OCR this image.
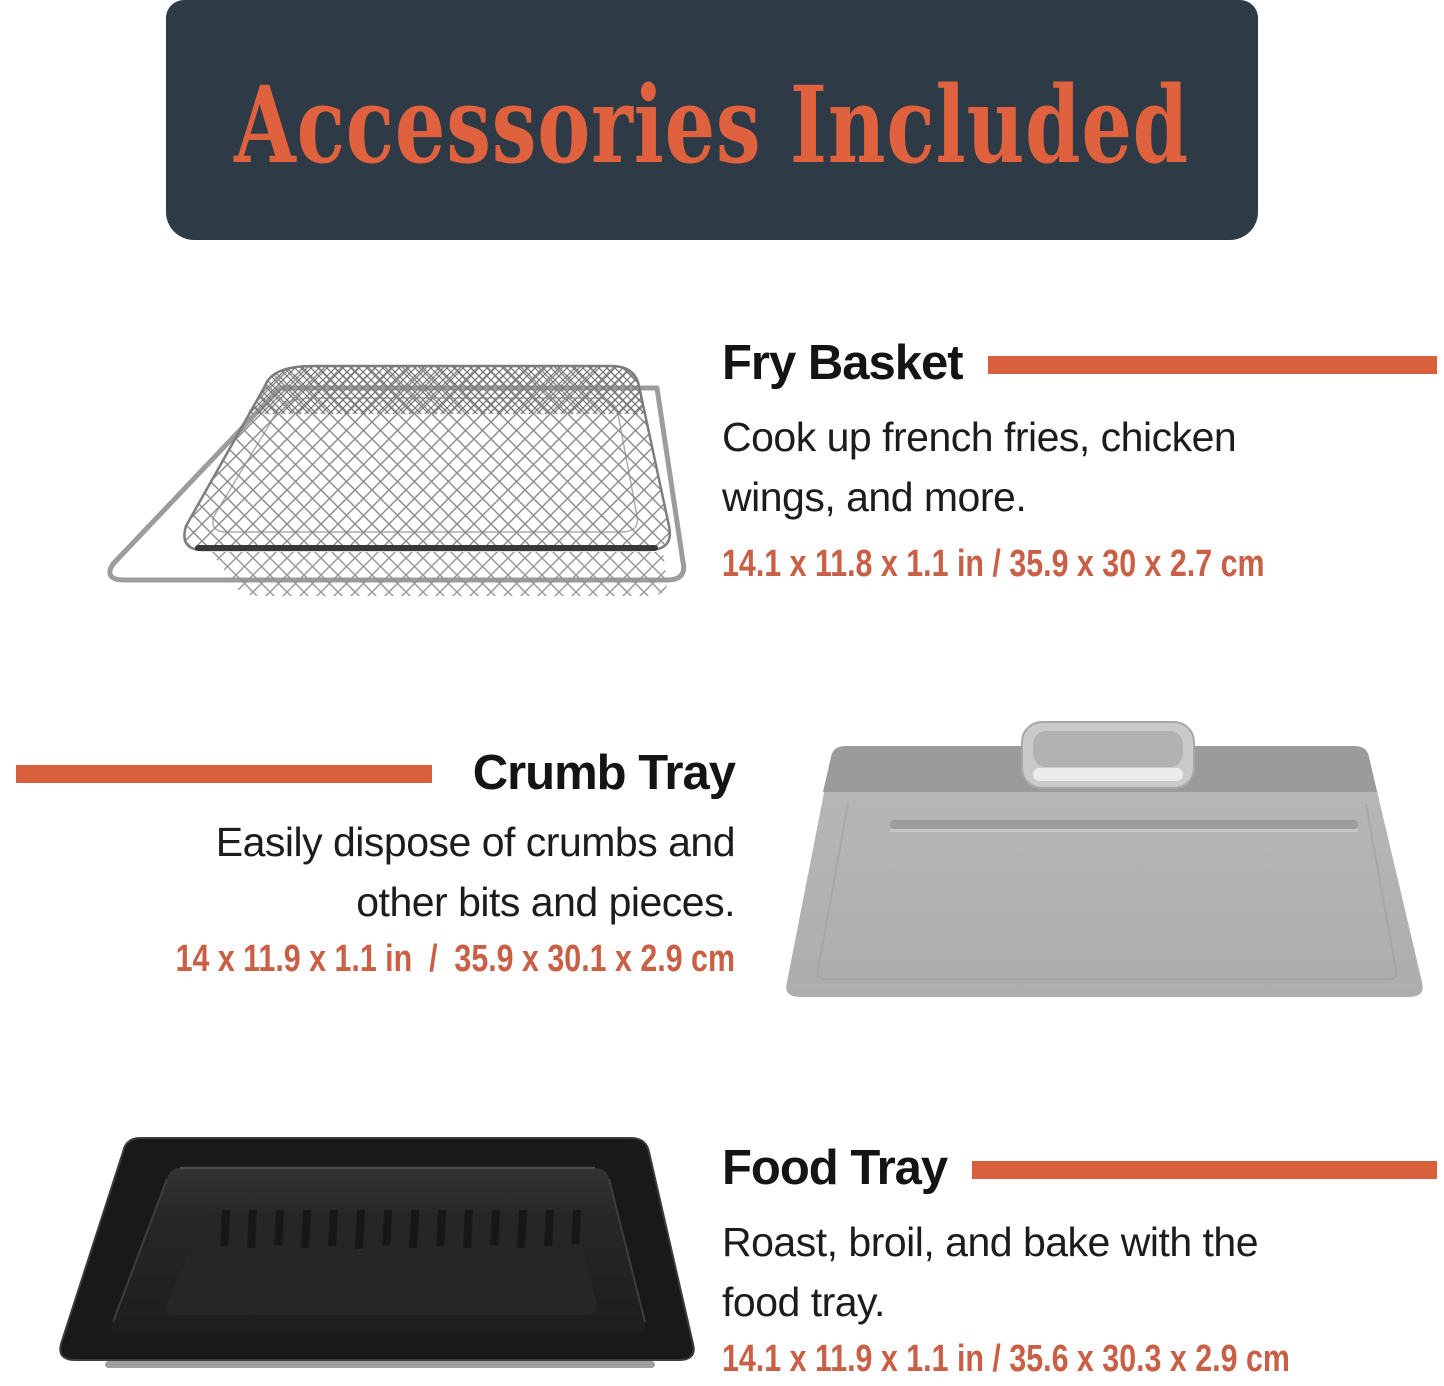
Accessories Included
Fry Basket
Cook up french fries, chicken
wings, and more.
14.1 x 11.8 x 1.1 in / 35.9 x 30 x 2.7 cm
Crumb Tray
Easily dispose of crumbs and
other bits and pieces.
14 x 11.9 x 1.1 in  /  35.9 x 30.1 x 2.9 cm
Food Tray
Roast, broil, and bake with the
food tray.
14.1 x 11.9 x 1.1 in / 35.6 x 30.3 x 2.9 cm
